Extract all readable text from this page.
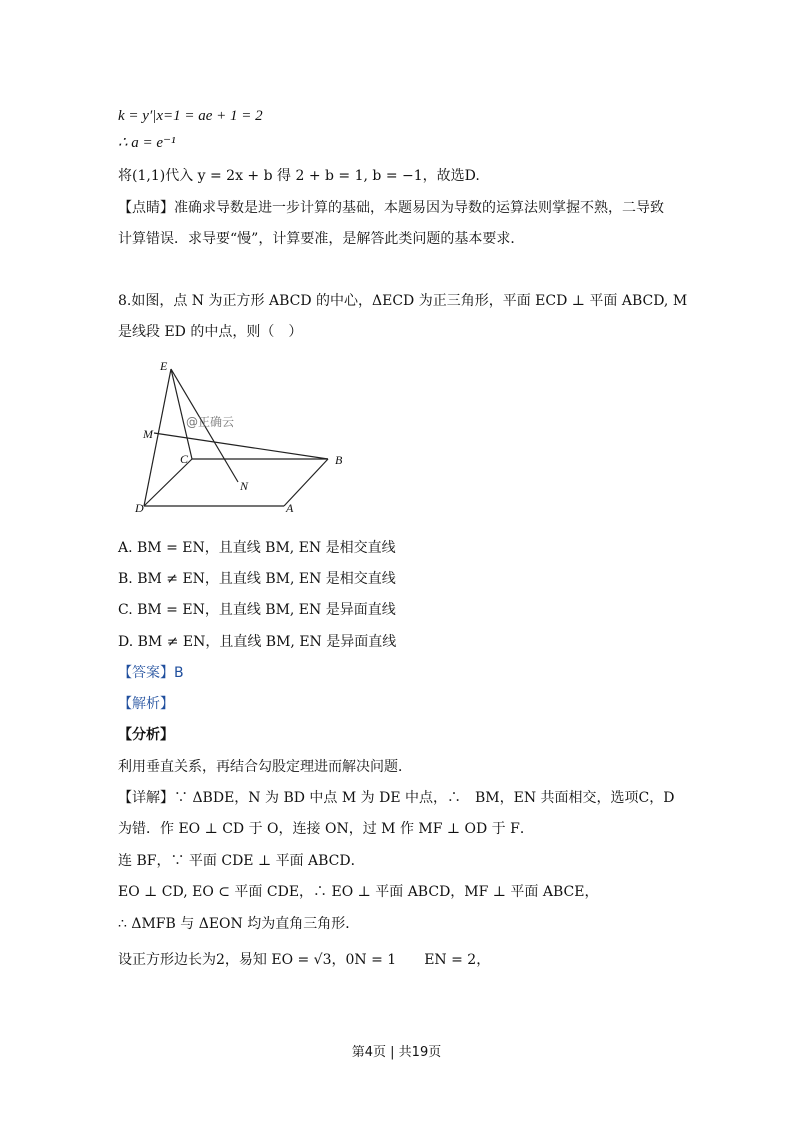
k = y′|x=1 = ae + 1 = 2
∴ a = e⁻¹
将(1,1)代入 y = 2x + b 得 2 + b = 1, b = −1，故选D.
【点睛】准确求导数是进一步计算的基础，本题易因为导数的运算法则掌握不熟，二导致
计算错误．求导要“慢”，计算要准，是解答此类问题的基本要求．
8.如图，点 N 为正方形 ABCD 的中心，ΔECD 为正三角形，平面 ECD ⊥ 平面 ABCD, M
是线段 ED 的中点，则（　）
E
M
C	B
N
D	A
@正确云
A. BM = EN，且直线 BM, EN 是相交直线
B. BM ≠ EN，且直线 BM, EN 是相交直线
C. BM = EN，且直线 BM, EN 是异面直线
D. BM ≠ EN，且直线 BM, EN 是异面直线
【答案】B
【解析】
【分析】
利用垂直关系，再结合勾股定理进而解决问题．
【详解】∵ ΔBDE，N 为 BD 中点 M 为 DE 中点，∴　BM，EN 共面相交，选项C，D
为错．作 EO ⊥ CD 于 O，连接 ON，过 M 作 MF ⊥ OD 于 F．
连 BF，∵ 平面 CDE ⊥ 平面 ABCD．
EO ⊥ CD, EO ⊂ 平面 CDE，∴ EO ⊥ 平面 ABCD，MF ⊥ 平面 ABCE，
∴ ΔMFB 与 ΔEON 均为直角三角形．
设正方形边长为2，易知 EO = √3，0N = 1　　EN = 2，
第4页 | 共19页
